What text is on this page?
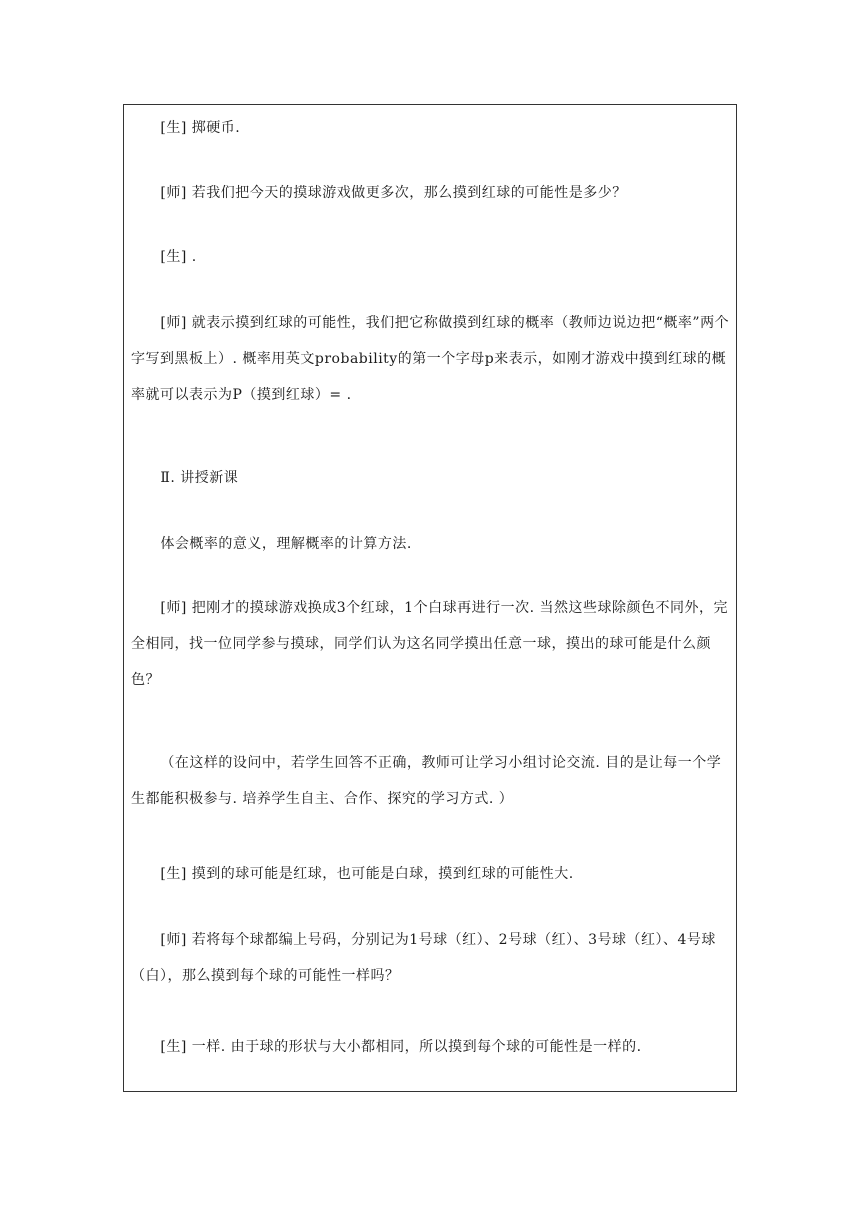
[生] 掷硬币.

[师] 若我们把今天的摸球游戏做更多次，那么摸到红球的可能性是多少？

[生] .

[师] 就表示摸到红球的可能性，我们把它称做摸到红球的概率（教师边说边把“概率”两个字写到黑板上）. 概率用英文probability的第一个字母p来表示，如刚才游戏中摸到红球的概率就可以表示为P（摸到红球）= .

Ⅱ. 讲授新课

体会概率的意义，理解概率的计算方法.

[师] 把刚才的摸球游戏换成3个红球，1个白球再进行一次. 当然这些球除颜色不同外，完全相同，找一位同学参与摸球，同学们认为这名同学摸出任意一球，摸出的球可能是什么颜色？

（在这样的设问中，若学生回答不正确，教师可让学习小组讨论交流. 目的是让每一个学生都能积极参与. 培养学生自主、合作、探究的学习方式. ）

[生] 摸到的球可能是红球，也可能是白球，摸到红球的可能性大.

[师] 若将每个球都编上号码，分别记为1号球（红）、2号球（红）、3号球（红）、4号球（白），那么摸到每个球的可能性一样吗？

[生] 一样. 由于球的形状与大小都相同，所以摸到每个球的可能性是一样的.
